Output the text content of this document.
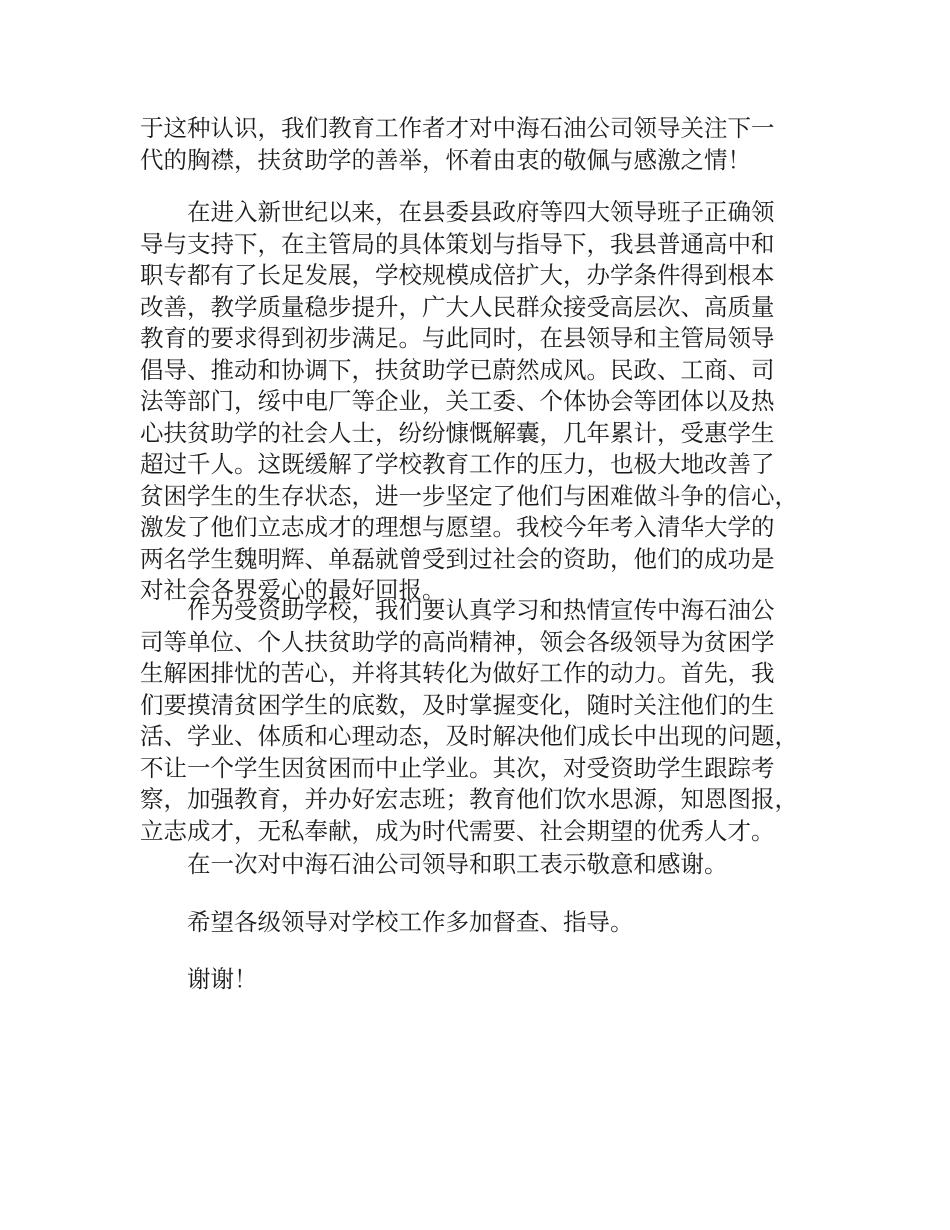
于这种认识，我们教育工作者才对中海石油公司领导关注下一
代的胸襟，扶贫助学的善举，怀着由衷的敬佩与感激之情！
在进入新世纪以来，在县委县政府等四大领导班子正确领
导与支持下，在主管局的具体策划与指导下，我县普通高中和
职专都有了长足发展，学校规模成倍扩大，办学条件得到根本
改善，教学质量稳步提升，广大人民群众接受高层次、高质量
教育的要求得到初步满足。与此同时，在县领导和主管局领导
倡导、推动和协调下，扶贫助学已蔚然成风。民政、工商、司
法等部门，绥中电厂等企业，关工委、个体协会等团体以及热
心扶贫助学的社会人士，纷纷慷慨解囊，几年累计，受惠学生
超过千人。这既缓解了学校教育工作的压力，也极大地改善了
贫困学生的生存状态，进一步坚定了他们与困难做斗争的信心，
激发了他们立志成才的理想与愿望。我校今年考入清华大学的
两名学生魏明辉、单磊就曾受到过社会的资助，他们的成功是
对社会各界爱心的最好回报。
作为受资助学校，我们要认真学习和热情宣传中海石油公
司等单位、个人扶贫助学的高尚精神，领会各级领导为贫困学
生解困排忧的苦心，并将其转化为做好工作的动力。首先，我
们要摸清贫困学生的底数，及时掌握变化，随时关注他们的生
活、学业、体质和心理动态，及时解决他们成长中出现的问题，
不让一个学生因贫困而中止学业。其次，对受资助学生跟踪考
察，加强教育，并办好宏志班；教育他们饮水思源，知恩图报，
立志成才，无私奉献，成为时代需要、社会期望的优秀人才。
在一次对中海石油公司领导和职工表示敬意和感谢。
希望各级领导对学校工作多加督查、指导。
谢谢！
